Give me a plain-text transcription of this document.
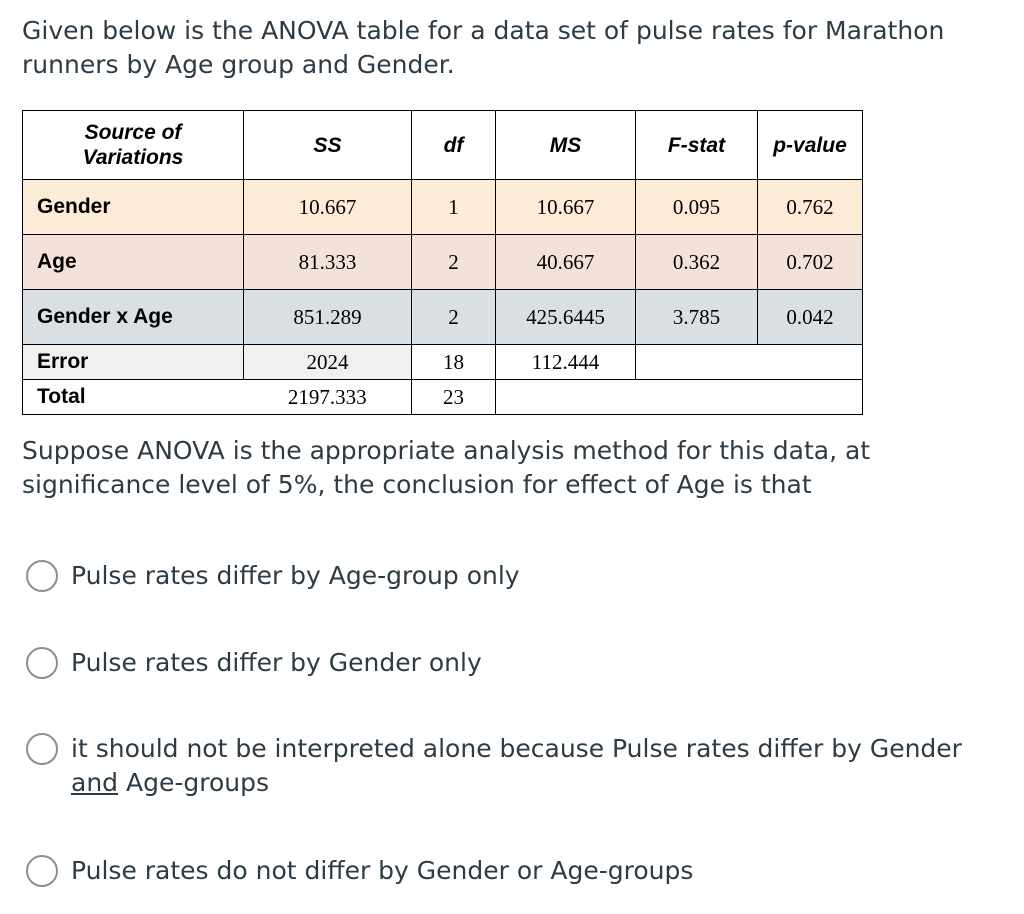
Given below is the ANOVA table for a data set of pulse rates for Marathon runners by Age group and Gender.

Source of
Variations	SS	df	MS	F-stat	p-value
Gender	10.667	1	10.667	0.095	0.762
Age	81.333	2	40.667	0.362	0.702
Gender x Age	851.289	2	425.6445	3.785	0.042
Error	2024	18	112.444		
Total	2197.333	23			

Suppose ANOVA is the appropriate analysis method for this data, at significance level of 5%, the conclusion for effect of Age is that

Pulse rates differ by Age-group only
Pulse rates differ by Gender only
it should not be interpreted alone because Pulse rates differ by Gender and Age-groups
Pulse rates do not differ by Gender or Age-groups
